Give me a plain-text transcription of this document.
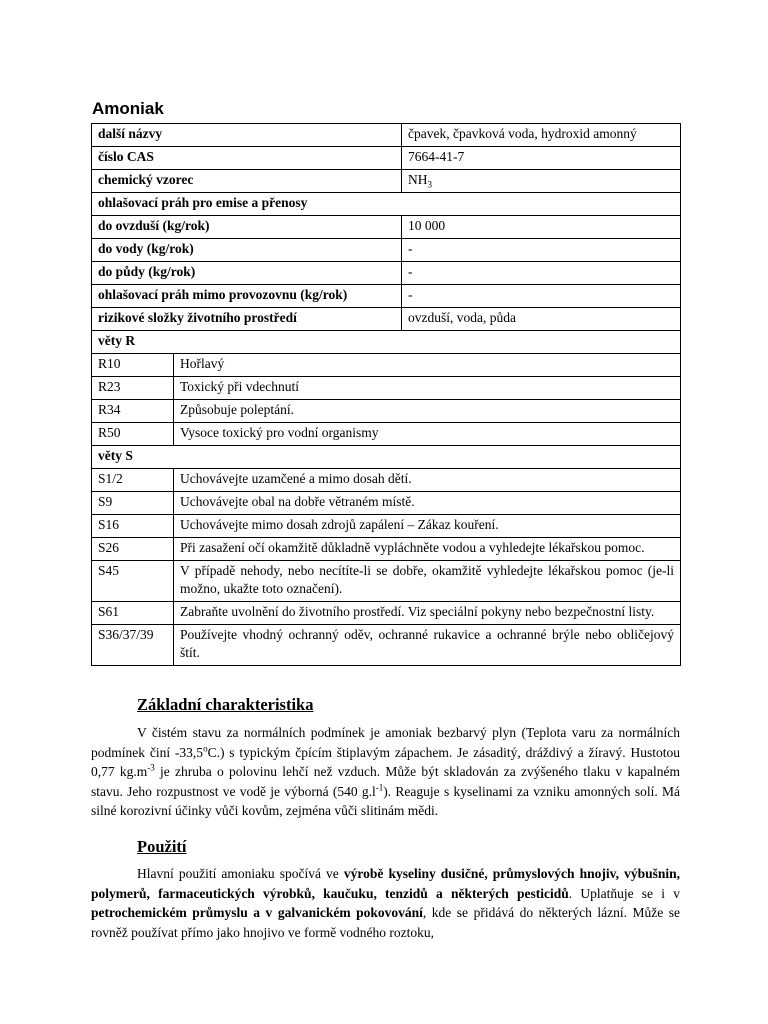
Amoniak
další názvy		čpavek, čpavková voda, hydroxid amonný
číslo CAS		7664-41-7
chemický vzorec		$NH_3$
ohlašovací práh pro emise a přenosy		
do ovzduší (kg/rok)		10 000
do vody (kg/rok)		-
do půdy (kg/rok)		-
ohlašovací práh mimo provozovnu (kg/rok)		-
rizikové složky životního prostředí		ovzduší, voda, půda
věty R		
R10	Hořlavý	
R23	Toxický při vdechnutí	
R34	Způsobuje poleptání.	
R50	Vysoce toxický pro vodní organismy	
věty S		
S1/2	Uchovávejte uzamčené a mimo dosah dětí.	
S9	Uchovávejte obal na dobře větraném místě.	
S16	Uchovávejte mimo dosah zdrojů zapálení – Zákaz kouření.	
S26	Při zasažení očí okamžitě důkladně vypláchněte vodou a vyhledejte lékařskou pomoc.	
S45	V případě nehody, nebo necítíte-li se dobře, okamžitě vyhledejte lékařskou pomoc (je-li možno, ukažte toto označení).	
S61	Zabraňte uvolnění do životního prostředí. Viz speciální pokyny nebo bezpečnostní listy.	
S36/37/39	Používejte vhodný ochranný oděv, ochranné rukavice a ochranné brýle nebo obličejový štít.	
Základní charakteristika

V čistém stavu za normálních podmínek je amoniak bezbarvý plyn (Teplota varu za normálních podmínek činí -33,5$^o$C.) s typickým čpícím štiplavým zápachem. Je zásaditý, dráždivý a žíravý. Hustotou 0,77 $kg.m^{-3}$ je zhruba o polovinu lehčí než vzduch. Může být skladován za zvýšeného tlaku v kapalném stavu. Jeho rozpustnost ve vodě je výborná (540 $g.l^{-1}$). Reaguje s kyselinami za vzniku amonných solí. Má silné korozivní účinky vůči kovům, zejména vůči slitinám mědi.

Použití

Hlavní použití amoniaku spočívá ve výrobě kyseliny dusičné, průmyslových hnojiv, výbušnin, polymerů, farmaceutických výrobků, kaučuku, tenzidů a některých pesticidů. Uplatňuje se i v petrochemickém průmyslu a v galvanickém pokovování, kde se přidává do některých lázní. Může se rovněž používat přímo jako hnojivo ve formě vodného roztoku,
